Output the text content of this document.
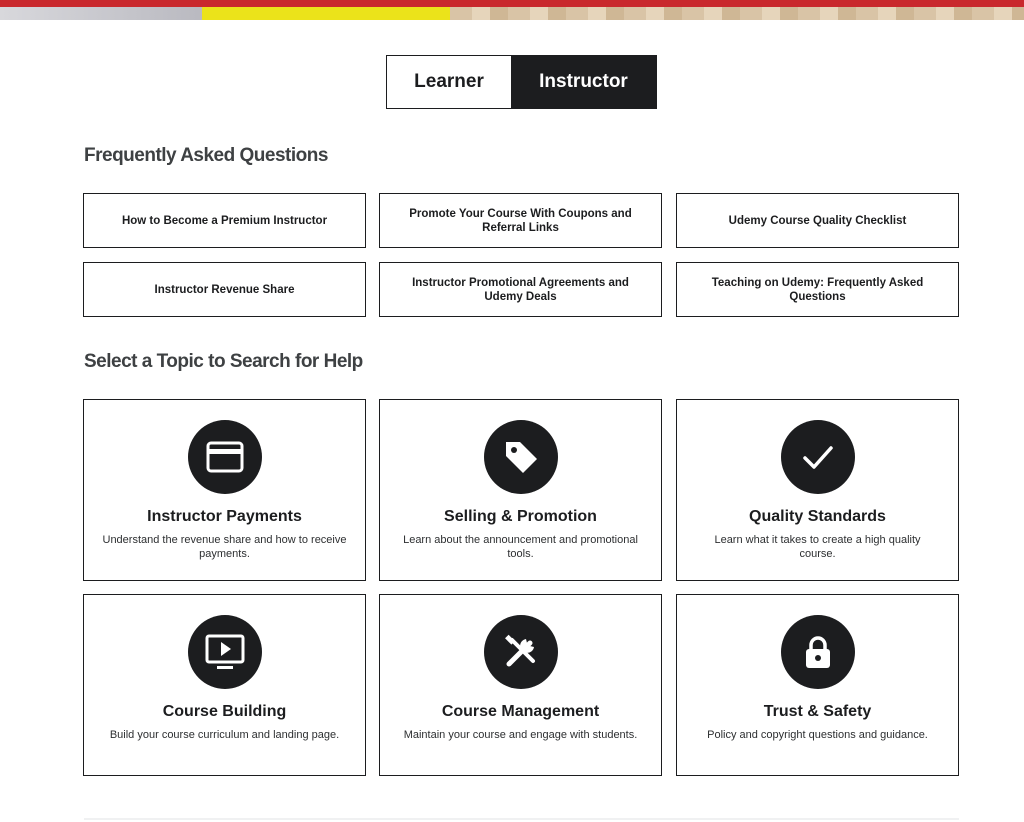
Learner	Instructor
Frequently Asked Questions
How to Become a Premium Instructor
Promote Your Course With Coupons and Referral Links
Udemy Course Quality Checklist
Instructor Revenue Share
Instructor Promotional Agreements and Udemy Deals
Teaching on Udemy: Frequently Asked Questions
Select a Topic to Search for Help
Instructor Payments
Understand the revenue share and how to receive payments.
Selling & Promotion
Learn about the announcement and promotional tools.
Quality Standards
Learn what it takes to create a high quality course.
Course Building
Build your course curriculum and landing page.
Course Management
Maintain your course and engage with students.
Trust & Safety
Policy and copyright questions and guidance.
